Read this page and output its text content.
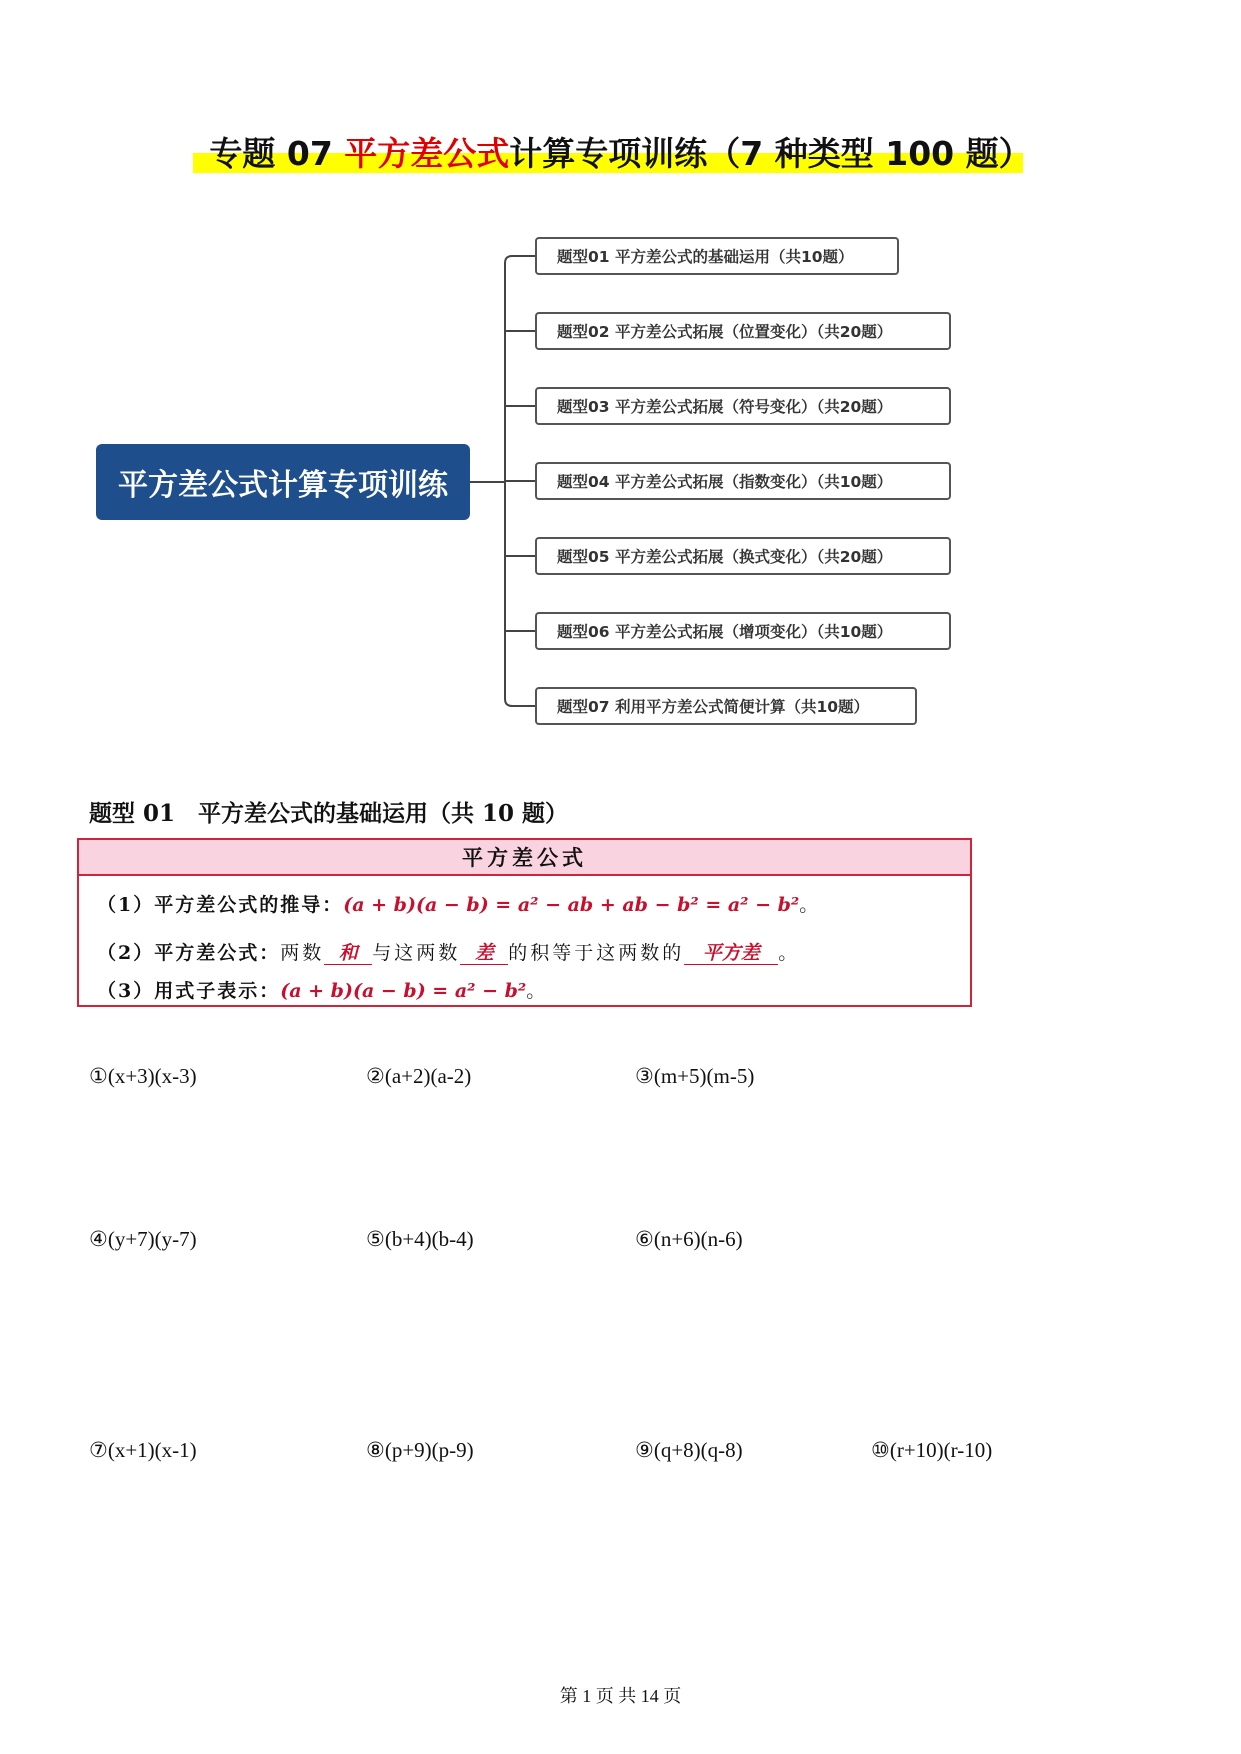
专题 07 平方差公式计算专项训练（7 种类型 100 题）
平方差公式计算专项训练
题型01 平方差公式的基础运用（共10题）
题型02 平方差公式拓展（位置变化）（共20题）
题型03 平方差公式拓展（符号变化）（共20题）
题型04 平方差公式拓展（指数变化）（共10题）
题型05 平方差公式拓展（换式变化）（共20题）
题型06 平方差公式拓展（增项变化）（共10题）
题型07 利用平方差公式简便计算（共10题）
题型 01　平方差公式的基础运用（共 10 题）
平方差公式
（1）平方差公式的推导：(a + b)(a − b) = a² − ab + ab − b² = a² − b²。
（2）平方差公式：两数 和 与这两数 差 的积等于这两数的 平方差 。
（3）用式子表示：(a + b)(a − b) = a² − b²。
①(x+3)(x-3)	②(a+2)(a-2)	③(m+5)(m-5)
④(y+7)(y-7)	⑤(b+4)(b-4)	⑥(n+6)(n-6)
⑦(x+1)(x-1)	⑧(p+9)(p-9)	⑨(q+8)(q-8)	⑩(r+10)(r-10)
第 1 页 共 14 页
